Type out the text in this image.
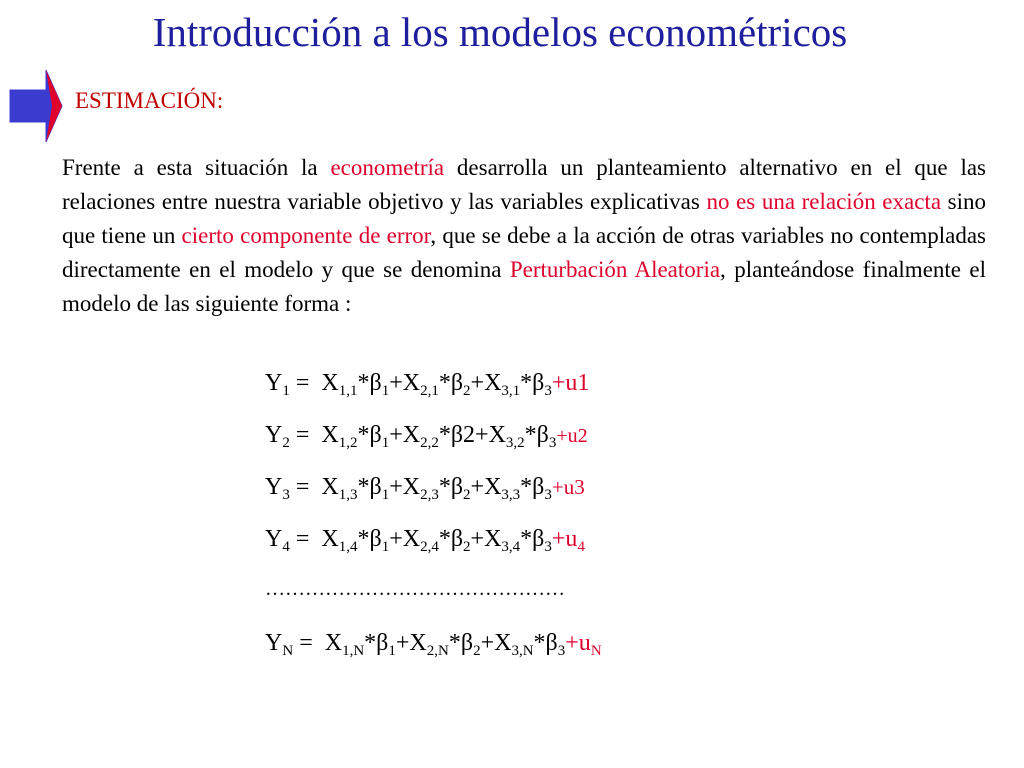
Introducción a los modelos econométricos
ESTIMACIÓN:
Frente a esta situación la econometría desarrolla un planteamiento alternativo en el que las relaciones entre nuestra variable objetivo y las variables explicativas no es una relación exacta sino que tiene un cierto componente de error, que se debe a la acción de otras variables no contempladas directamente en el modelo y que se denomina Perturbación Aleatoria, planteándose finalmente el modelo de las siguiente forma :
$Y_1 = X_{1,1}*\beta_1+X_{2,1}*\beta_2+X_{3,1}*\beta_3+u1$
$Y_2 = X_{1,2}*\beta_1+X_{2,2}*\beta 2+X_{3,2}*\beta_3+u2$
$Y_3 = X_{1,3}*\beta_1+X_{2,3}*\beta_2+X_{3,3}*\beta_3+u3$
$Y_4 = X_{1,4}*\beta_1+X_{2,4}*\beta_2+X_{3,4}*\beta_3+u_4$
………………………………………
$Y_N = X_{1,N}*\beta_1+X_{2,N}*\beta_2+X_{3,N}*\beta_3+u_N$
